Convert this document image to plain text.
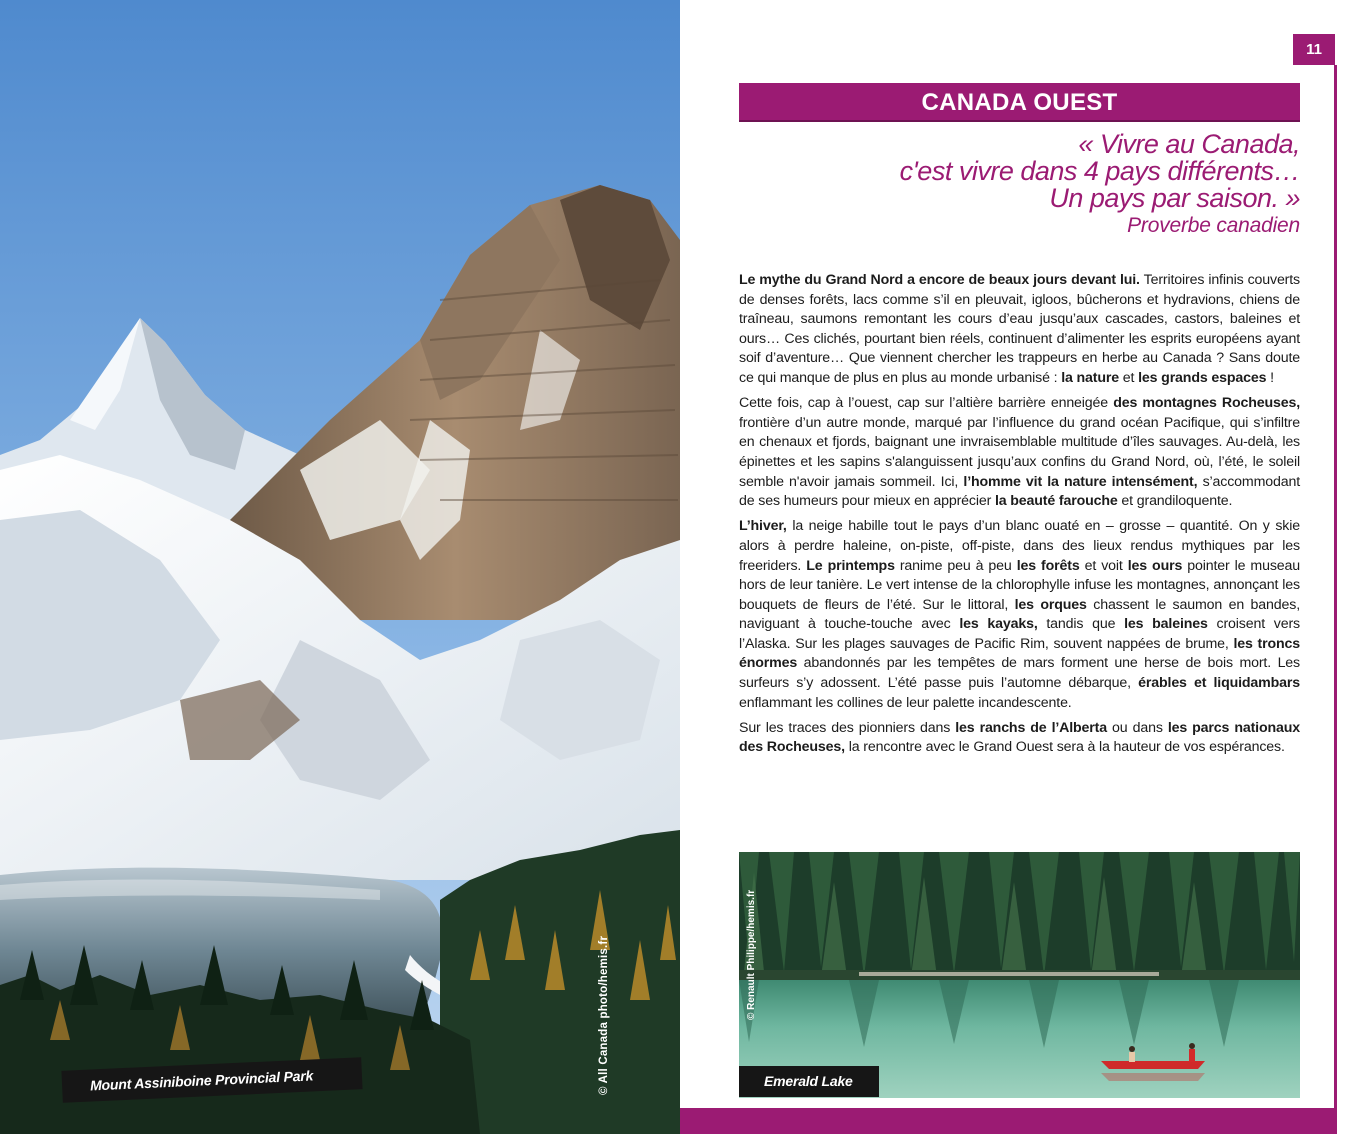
© All Canada photo/hemis.fr
Mount Assiniboine Provincial Park
11
CANADA OUEST
« Vivre au Canada,
c'est vivre dans 4 pays différents…
Un pays par saison. »
Proverbe canadien

Le mythe du Grand Nord a encore de beaux jours devant lui. Territoires infinis couverts de denses forêts, lacs comme s’il en pleuvait, igloos, bûcherons et hydravions, chiens de traîneau, saumons remontant les cours d’eau jusqu’aux cascades, castors, baleines et ours… Ces clichés, pourtant bien réels, continuent d’alimenter les esprits européens ayant soif d’aventure… Que viennent chercher les trappeurs en herbe au Canada ? Sans doute ce qui manque de plus en plus au monde urbanisé : la nature et les grands espaces !

Cette fois, cap à l’ouest, cap sur l’altière barrière enneigée des montagnes Rocheuses, frontière d’un autre monde, marqué par l’influence du grand océan Pacifique, qui s’infiltre en chenaux et fjords, baignant une invraisemblable multitude d’îles sauvages. Au-delà, les épinettes et les sapins s'alanguissent jusqu’aux confins du Grand Nord, où, l’été, le soleil semble n'avoir jamais sommeil. Ici, l’homme vit la nature intensément, s’accommodant de ses humeurs pour mieux en apprécier la beauté farouche et grandiloquente.

L’hiver, la neige habille tout le pays d’un blanc ouaté en – grosse – quantité. On y skie alors à perdre haleine, on-piste, off-piste, dans des lieux rendus mythiques par les freeriders. Le printemps ranime peu à peu les forêts et voit les ours pointer le museau hors de leur tanière. Le vert intense de la chlorophylle infuse les montagnes, annonçant les bouquets de fleurs de l’été. Sur le littoral, les orques chassent le saumon en bandes, naviguant à touche-touche avec les kayaks, tandis que les baleines croisent vers l’Alaska. Sur les plages sauvages de Pacific Rim, souvent nappées de brume, les troncs énormes abandonnés par les tempêtes de mars forment une herse de bois mort. Les surfeurs s’y adossent. L’été passe puis l’automne débarque, érables et liquidambars enflammant les collines de leur palette incandescente.

Sur les traces des pionniers dans les ranchs de l’Alberta ou dans les parcs nationaux des Rocheuses, la rencontre avec le Grand Ouest sera à la hauteur de vos espérances.

© Renault Philippe/hemis.fr
Emerald Lake
